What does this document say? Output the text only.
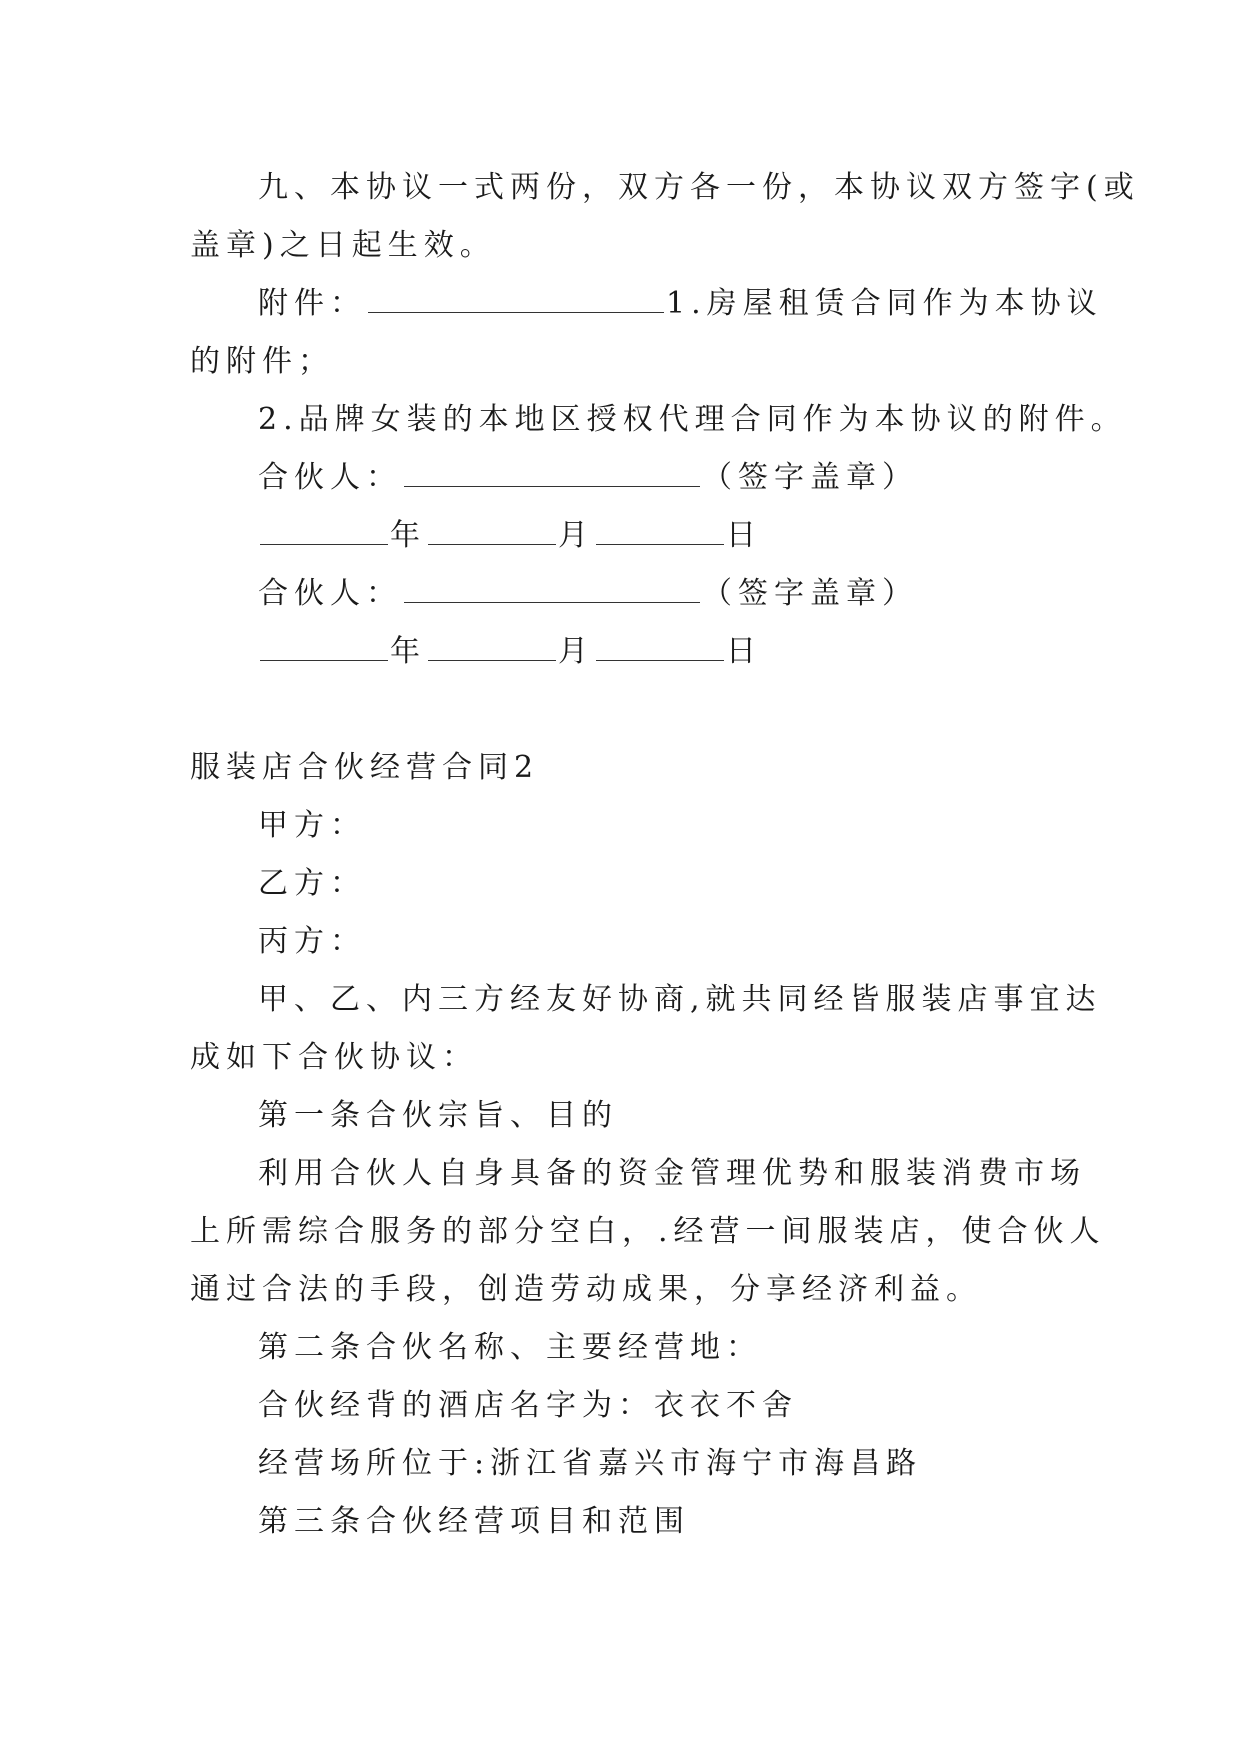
九、本协议一式两份，双方各一份，本协议双方签字(或
盖章)之日起生效。
附件：	1.房屋租赁合同作为本协议
的附件；
2.品牌女装的本地区授权代理合同作为本协议的附件。
合伙人：	（签字盖章）
年	月	日
合伙人：	（签字盖章）
年	月	日
服装店合伙经营合同2
甲方：
乙方：
丙方：
甲、乙、内三方经友好协商,就共同经皆服装店事宜达
成如下合伙协议：
第一条合伙宗旨、目的
利用合伙人自身具备的资金管理优势和服装消费市场
上所需综合服务的部分空白，.经营一间服装店，使合伙人
通过合法的手段，创造劳动成果，分享经济利益。
第二条合伙名称、主要经营地：
合伙经背的酒店名字为：衣衣不舍
经营场所位于:浙江省嘉兴市海宁市海昌路
第三条合伙经营项目和范围
